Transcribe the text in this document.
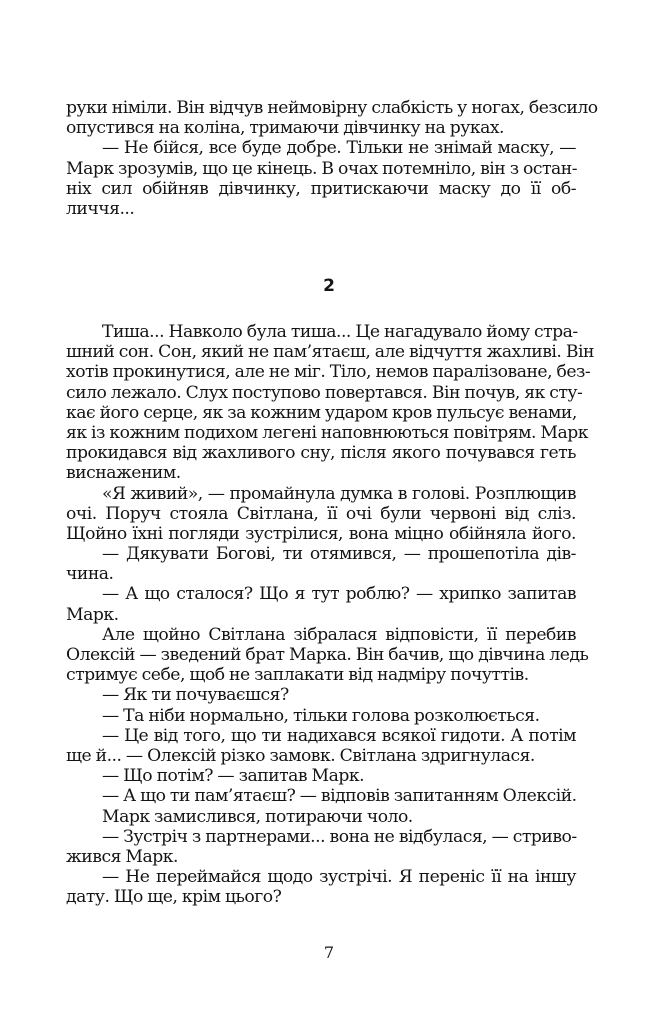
руки німіли. Він відчув неймовірну слабкість у ногах, безсило
опустився на коліна, тримаючи дівчинку на руках.
— Не бійся, все буде добре. Тільки не знімай маску, —
Марк зрозумів, що це кінець. В очах потемніло, він з остан-
ніх сил обійняв дівчинку, притискаючи маску до її об-
личчя...
2
Тиша... Навколо була тиша... Це нагадувало йому стра-
шний сон. Сон, який не пам’ятаєш, але відчуття жахливі. Він
хотів прокинутися, але не міг. Тіло, немов паралізоване, без-
сило лежало. Слух поступово повертався. Він почув, як сту-
кає його серце, як за кожним ударом кров пульсує венами,
як із кожним подихом легені наповнюються повітрям. Марк
прокидався від жахливого сну, після якого почувався геть
виснаженим.
«Я живий», — промайнула думка в голові. Розплющив
очі. Поруч стояла Світлана, її очі були червоні від сліз.
Щойно їхні погляди зустрілися, вона міцно обійняла його.
— Дякувати Богові, ти отямився, — прошепотіла дів-
чина.
— А що сталося? Що я тут роблю? — хрипко запитав
Марк.
Але щойно Світлана зібралася відповісти, її перебив
Олексій — зведений брат Марка. Він бачив, що дівчина ледь
стримує себе, щоб не заплакати від надміру почуттів.
— Як ти почуваєшся?
— Та ніби нормально, тільки голова розколюється.
— Це від того, що ти надихався всякої гидоти. А потім
ще й... — Олексій різко замовк. Світлана здригнулася.
— Що потім? — запитав Марк.
— А що ти пам’ятаєш? — відповів запитанням Олексій.
Марк замислився, потираючи чоло.
— Зустріч з партнерами... вона не відбулася, — стриво-
жився Марк.
— Не переймайся щодо зустрічі. Я переніс її на іншу
дату. Що ще, крім цього?
7
